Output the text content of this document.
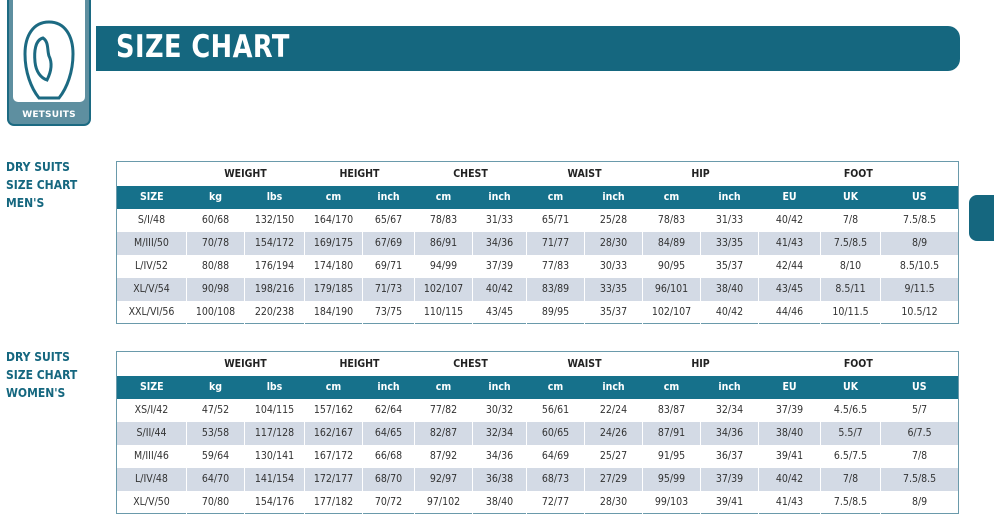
WETSUITS
SIZE CHART
DRY SUITS
SIZE CHART
MEN'S
	WEIGHT		HEIGHT		CHEST		WAIST		HIP		FOOT		
SIZE	kg	lbs	cm	inch	cm	inch	cm	inch	cm	inch	EU	UK	US
S/I/48	60/68	132/150	164/170	65/67	78/83	31/33	65/71	25/28	78/83	31/33	40/42	7/8	7.5/8.5
M/III/50	70/78	154/172	169/175	67/69	86/91	34/36	71/77	28/30	84/89	33/35	41/43	7.5/8.5	8/9
L/IV/52	80/88	176/194	174/180	69/71	94/99	37/39	77/83	30/33	90/95	35/37	42/44	8/10	8.5/10.5
XL/V/54	90/98	198/216	179/185	71/73	102/107	40/42	83/89	33/35	96/101	38/40	43/45	8.5/11	9/11.5
XXL/VI/56	100/108	220/238	184/190	73/75	110/115	43/45	89/95	35/37	102/107	40/42	44/46	10/11.5	10.5/12
DRY SUITS
SIZE CHART
WOMEN'S
	WEIGHT		HEIGHT		CHEST		WAIST		HIP		FOOT		
SIZE	kg	lbs	cm	inch	cm	inch	cm	inch	cm	inch	EU	UK	US
XS/I/42	47/52	104/115	157/162	62/64	77/82	30/32	56/61	22/24	83/87	32/34	37/39	4.5/6.5	5/7
S/II/44	53/58	117/128	162/167	64/65	82/87	32/34	60/65	24/26	87/91	34/36	38/40	5.5/7	6/7.5
M/III/46	59/64	130/141	167/172	66/68	87/92	34/36	64/69	25/27	91/95	36/37	39/41	6.5/7.5	7/8
L/IV/48	64/70	141/154	172/177	68/70	92/97	36/38	68/73	27/29	95/99	37/39	40/42	7/8	7.5/8.5
XL/V/50	70/80	154/176	177/182	70/72	97/102	38/40	72/77	28/30	99/103	39/41	41/43	7.5/8.5	8/9
